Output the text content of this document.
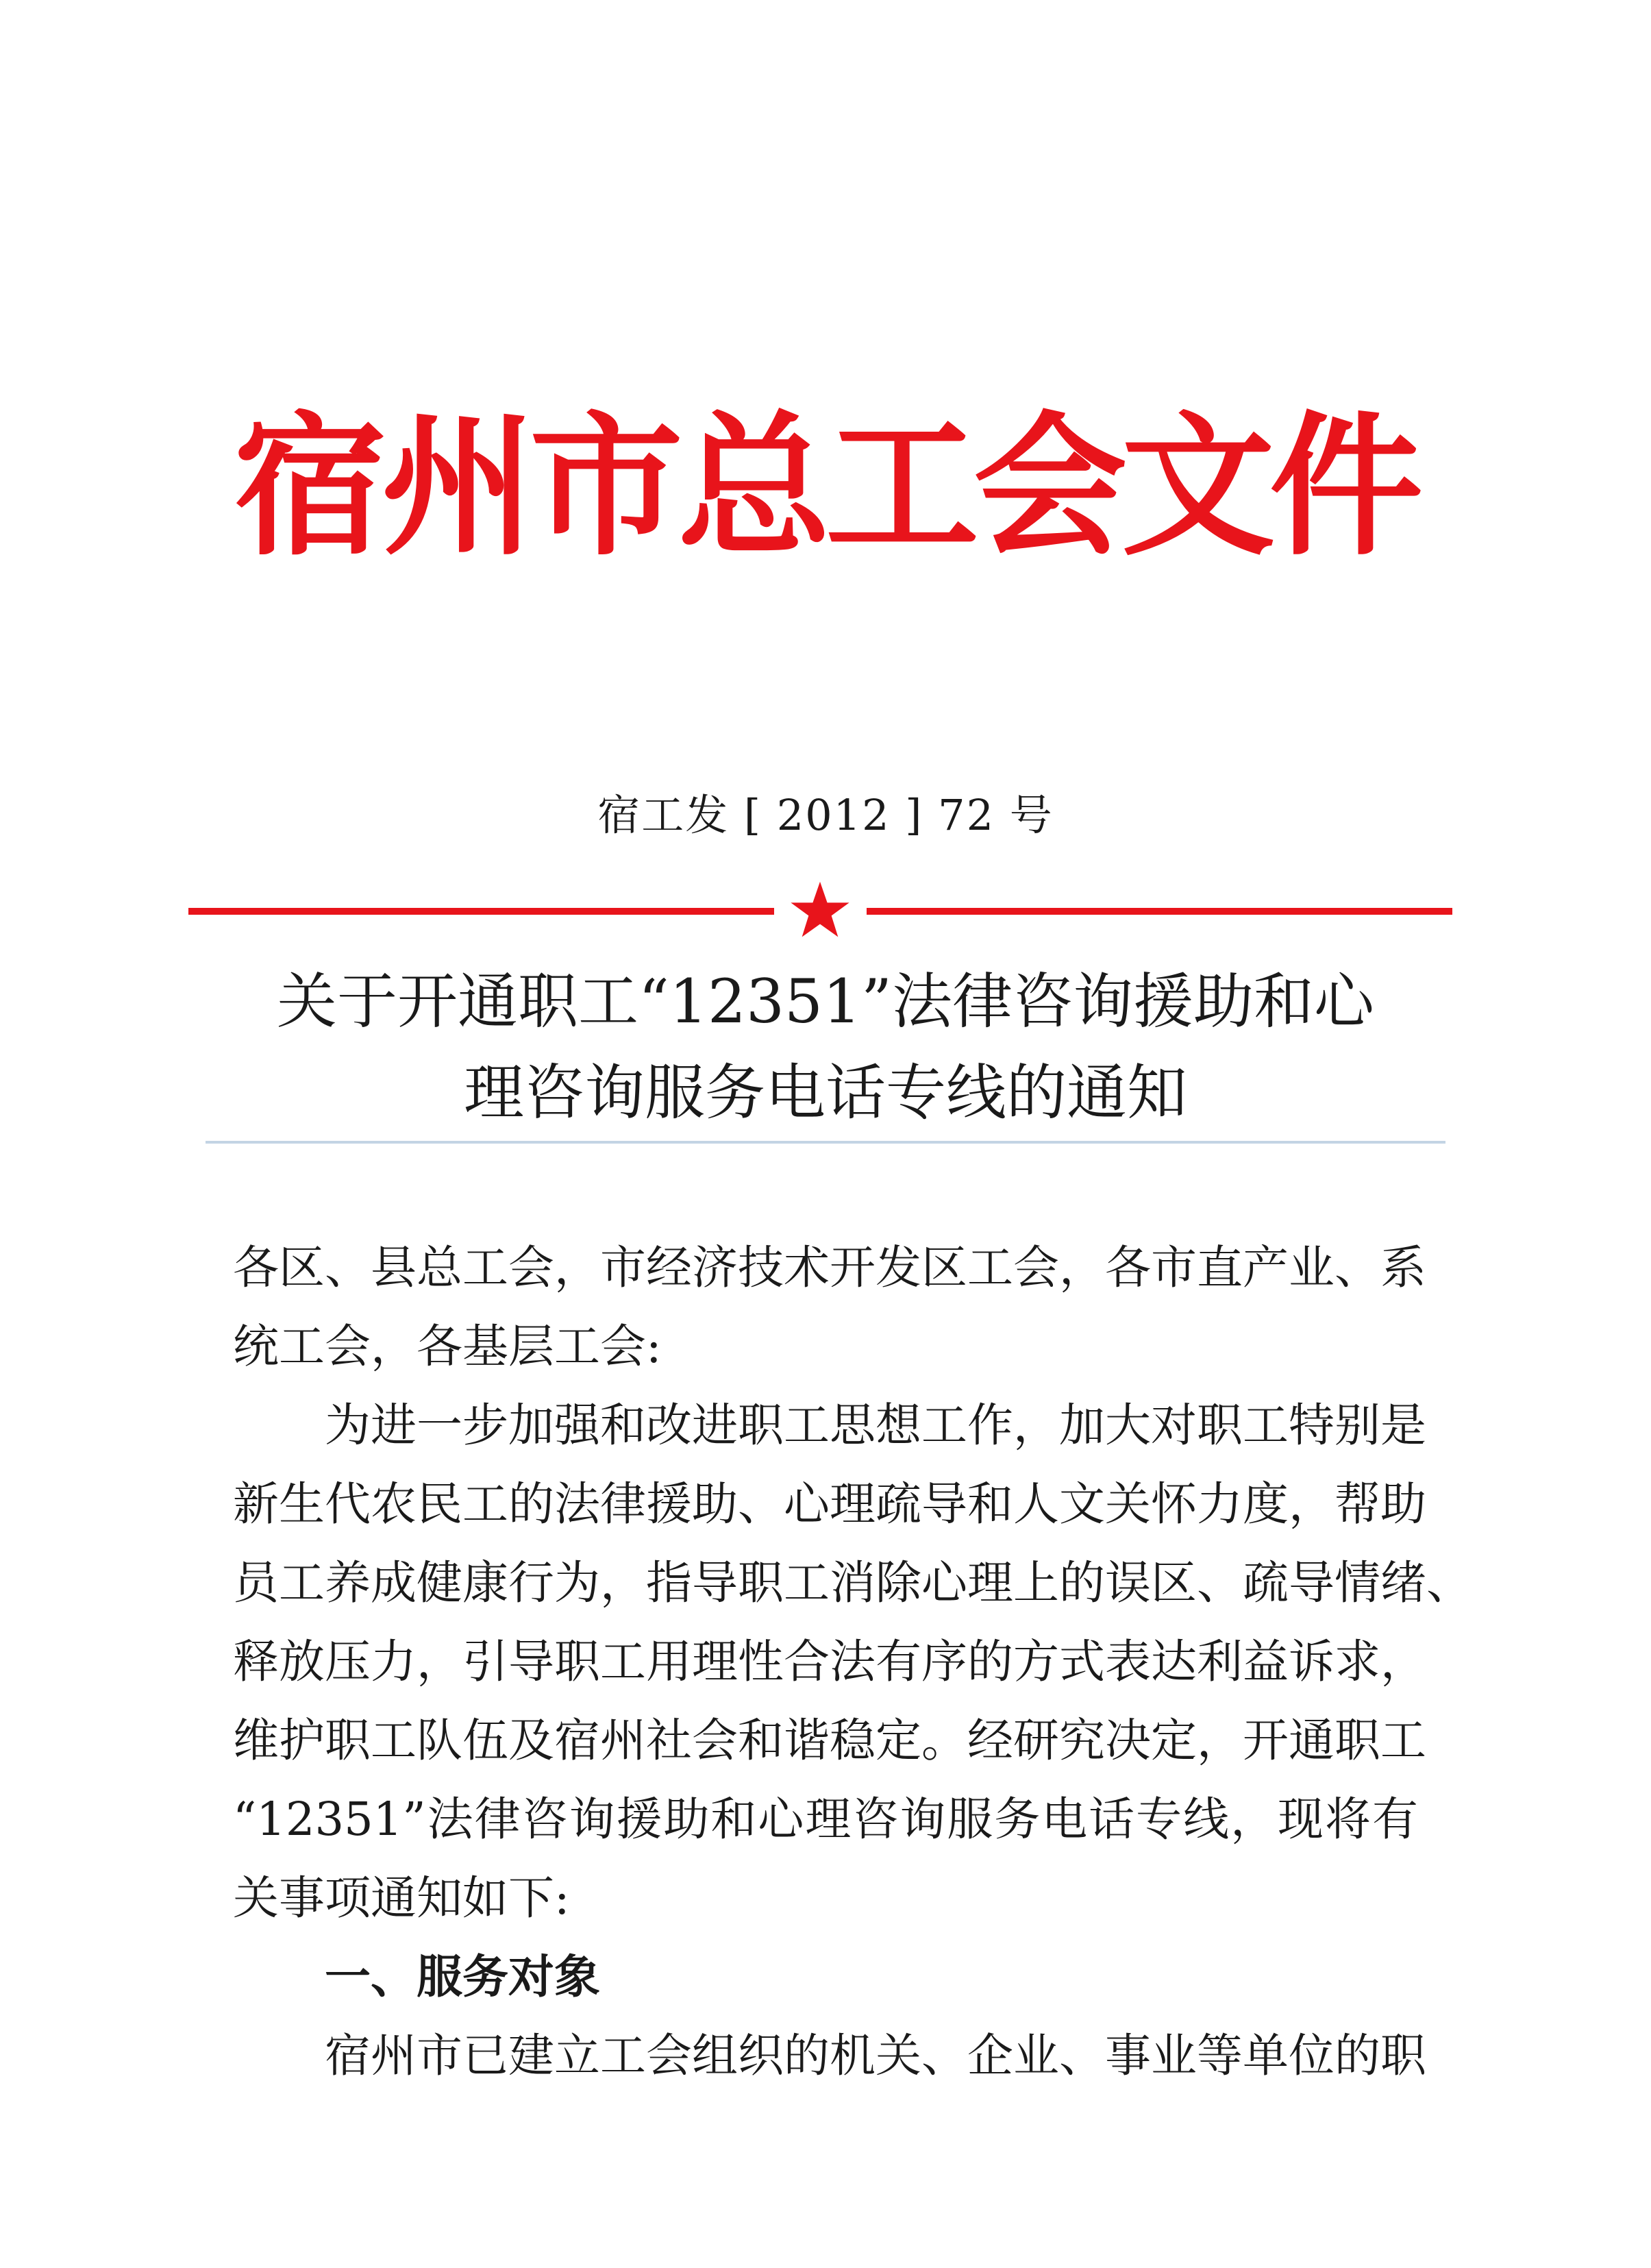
宿州市总工会文件
宿工发 [ 2012 ] 72 号
关于开通职工“12351”法律咨询援助和心
理咨询服务电话专线的通知
各区、县总工会，市经济技术开发区工会，各市直产业、系
统工会，各基层工会:
为进一步加强和改进职工思想工作，加大对职工特别是
新生代农民工的法律援助、心理疏导和人文关怀力度，帮助
员工养成健康行为，指导职工消除心理上的误区、疏导情绪、
释放压力，引导职工用理性合法有序的方式表达利益诉求，
维护职工队伍及宿州社会和谐稳定。经研究决定，开通职工
“12351”法律咨询援助和心理咨询服务电话专线，现将有
关事项通知如下:
一、服务对象
宿州市已建立工会组织的机关、企业、事业等单位的职
